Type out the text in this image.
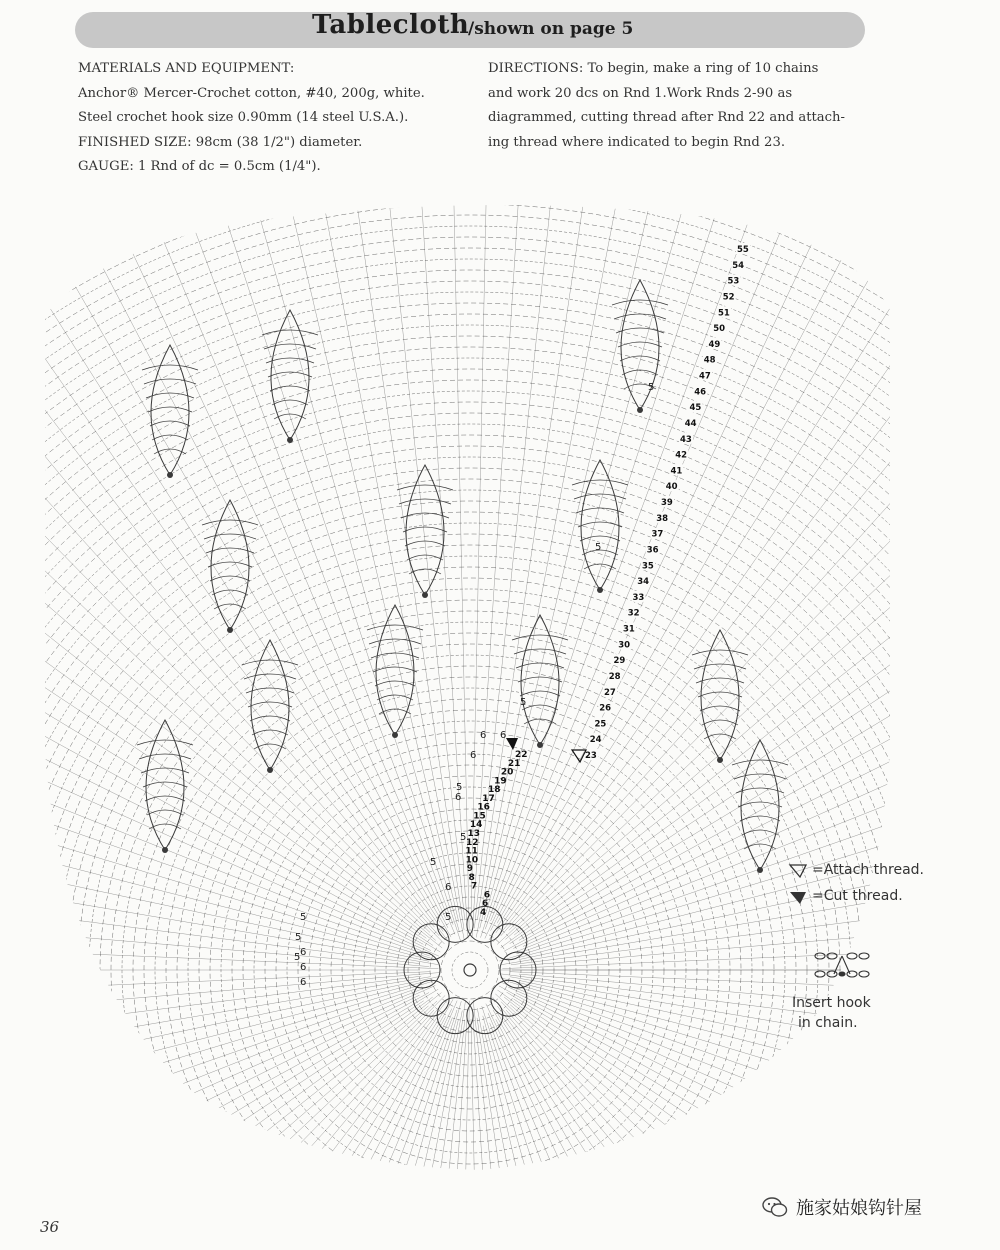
Tablecloth
/shown on page 5

MATERIALS AND EQUIPMENT:

Anchor® Mercer-Crochet cotton, #40, 200g, white.

Steel crochet hook size 0.90mm (14 steel U.S.A.).

FINISHED SIZE: 98cm (38 1/2") diameter.

GAUGE: 1 Rnd of dc = 0.5cm (1/4").

DIRECTIONS: To begin, make a ring of 10 chains

and work 20 dcs on Rnd 1.Work Rnds 2-90 as

diagrammed, cutting thread after Rnd 22 and attach-

ing thread where indicated to begin Rnd 23.

4
6
6
7
8
9
10
11
12
13
14
15
16
17
18
19
20
21
22	23
24
25
26
27
28
29
30
31
32
33
34
35
36
37
38
39
40
41
42
43
44
45
46
47
48
49
50
51
52
53
54
55
5
5
5
5
5
5
5
5
5
5
6
6
6
6
6
6
6
6
=Attach thread.
=Cut thread.
Insert hook
in chain.
36
施家姑娘钩针屋
